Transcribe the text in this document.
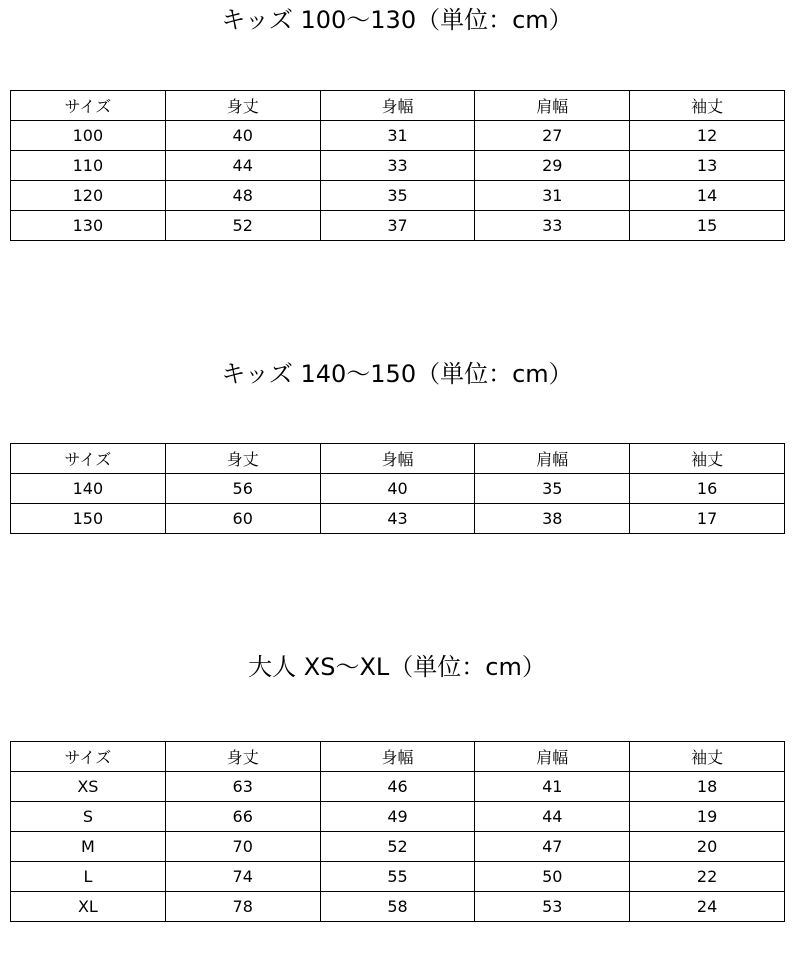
キッズ 100〜130（単位：cm）
サイズ	身丈	身幅	肩幅	袖丈
100	40	31	27	12
110	44	33	29	13
120	48	35	31	14
130	52	37	33	15
キッズ 140〜150（単位：cm）
サイズ	身丈	身幅	肩幅	袖丈
140	56	40	35	16
150	60	43	38	17
大人 XS〜XL（単位：cm）
サイズ	身丈	身幅	肩幅	袖丈
XS	63	46	41	18
S	66	49	44	19
M	70	52	47	20
L	74	55	50	22
XL	78	58	53	24
